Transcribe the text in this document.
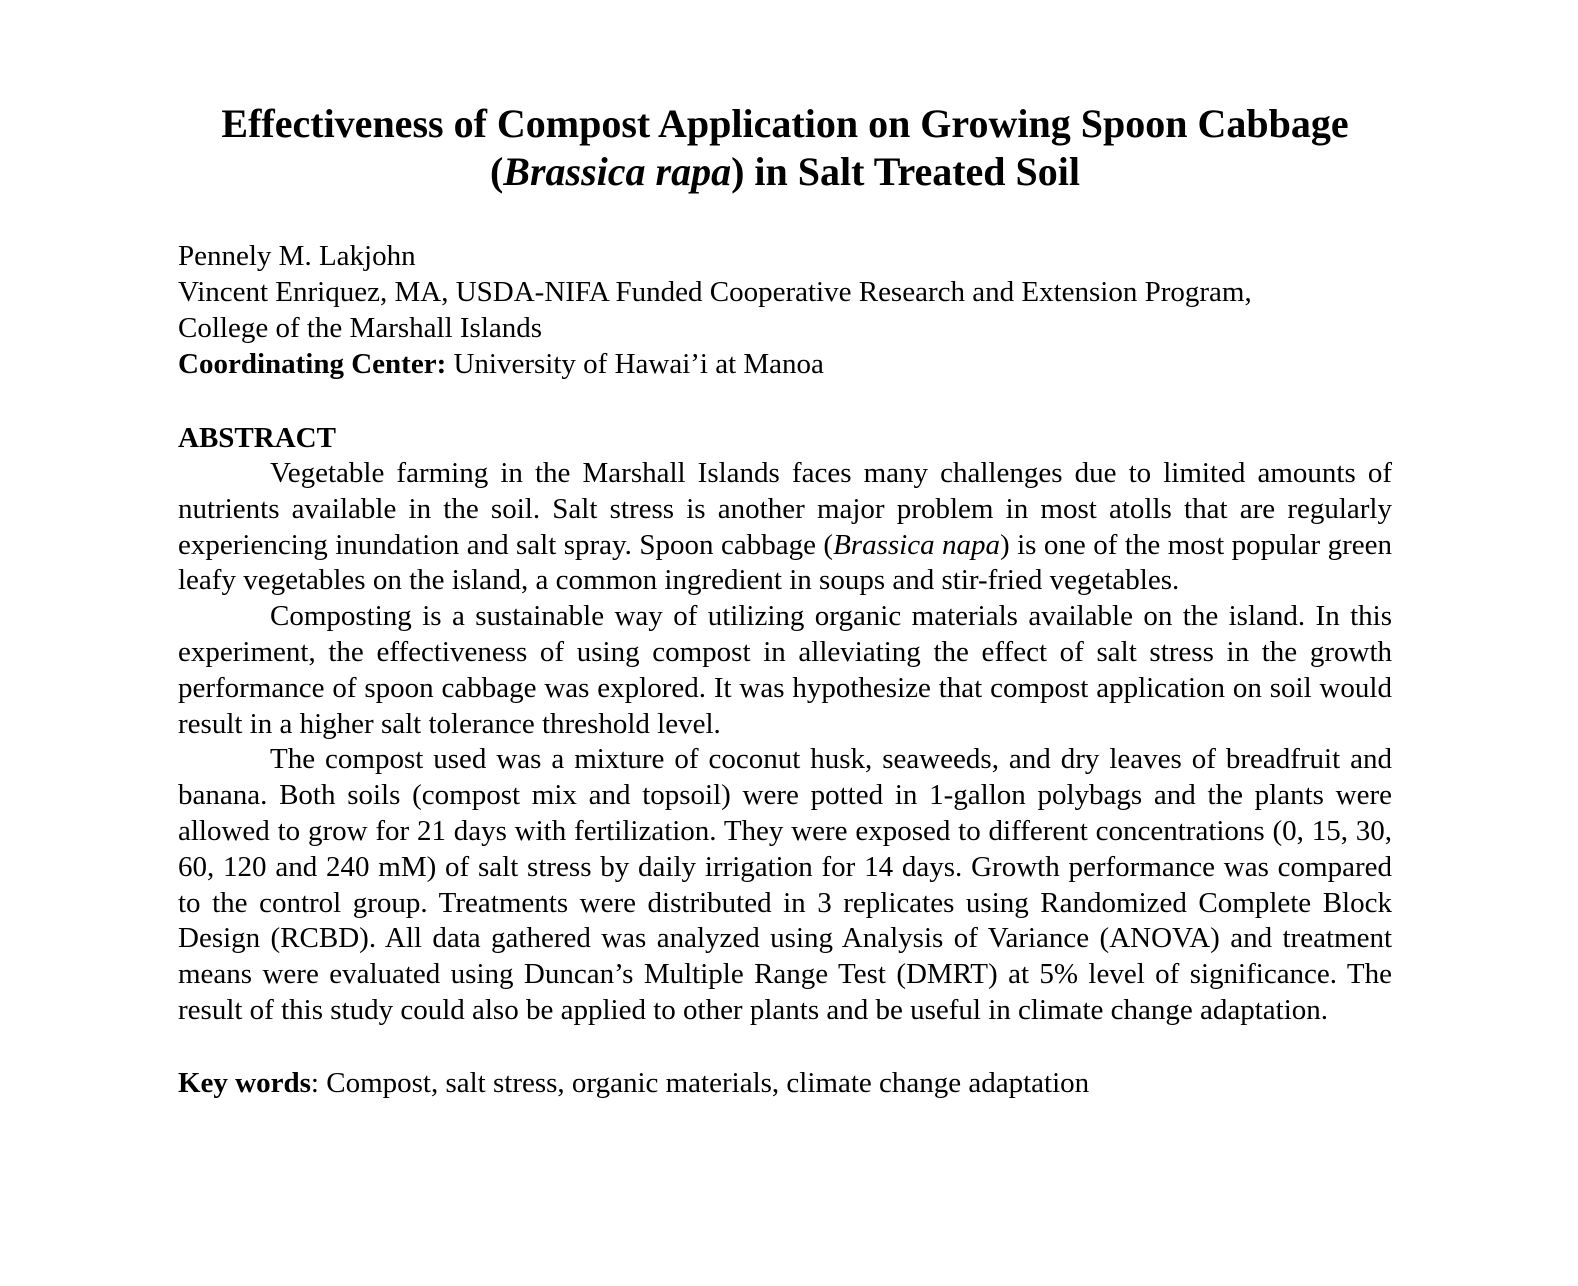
Effectiveness of Compost Application on Growing Spoon Cabbage
(Brassica rapa) in Salt Treated Soil
Pennely M. Lakjohn
Vincent Enriquez, MA, USDA-NIFA Funded Cooperative Research and Extension Program,
College of the Marshall Islands
Coordinating Center: University of Hawai’i at Manoa
ABSTRACT

Vegetable farming in the Marshall Islands faces many challenges due to limited amounts of nutrients available in the soil. Salt stress is another major problem in most atolls that are regularly experiencing inundation and salt spray. Spoon cabbage (Brassica napa) is one of the most popular green leafy vegetables on the island, a common ingredient in soups and stir-fried vegetables.

Composting is a sustainable way of utilizing organic materials available on the island. In this experiment, the effectiveness of using compost in alleviating the effect of salt stress in the growth performance of spoon cabbage was explored. It was hypothesize that compost application on soil would result in a higher salt tolerance threshold level.

The compost used was a mixture of coconut husk, seaweeds, and dry leaves of breadfruit and banana. Both soils (compost mix and topsoil) were potted in 1-gallon polybags and the plants were allowed to grow for 21 days with fertilization. They were exposed to different concentrations (0, 15, 30, 60, 120 and 240 mM) of salt stress by daily irrigation for 14 days. Growth performance was compared to the control group. Treatments were distributed in 3 replicates using Randomized Complete Block Design (RCBD). All data gathered was analyzed using Analysis of Variance (ANOVA) and treatment means were evaluated using Duncan’s Multiple Range Test (DMRT) at 5% level of significance. The result of this study could also be applied to other plants and be useful in climate change adaptation.

Key words: Compost, salt stress, organic materials, climate change adaptation
